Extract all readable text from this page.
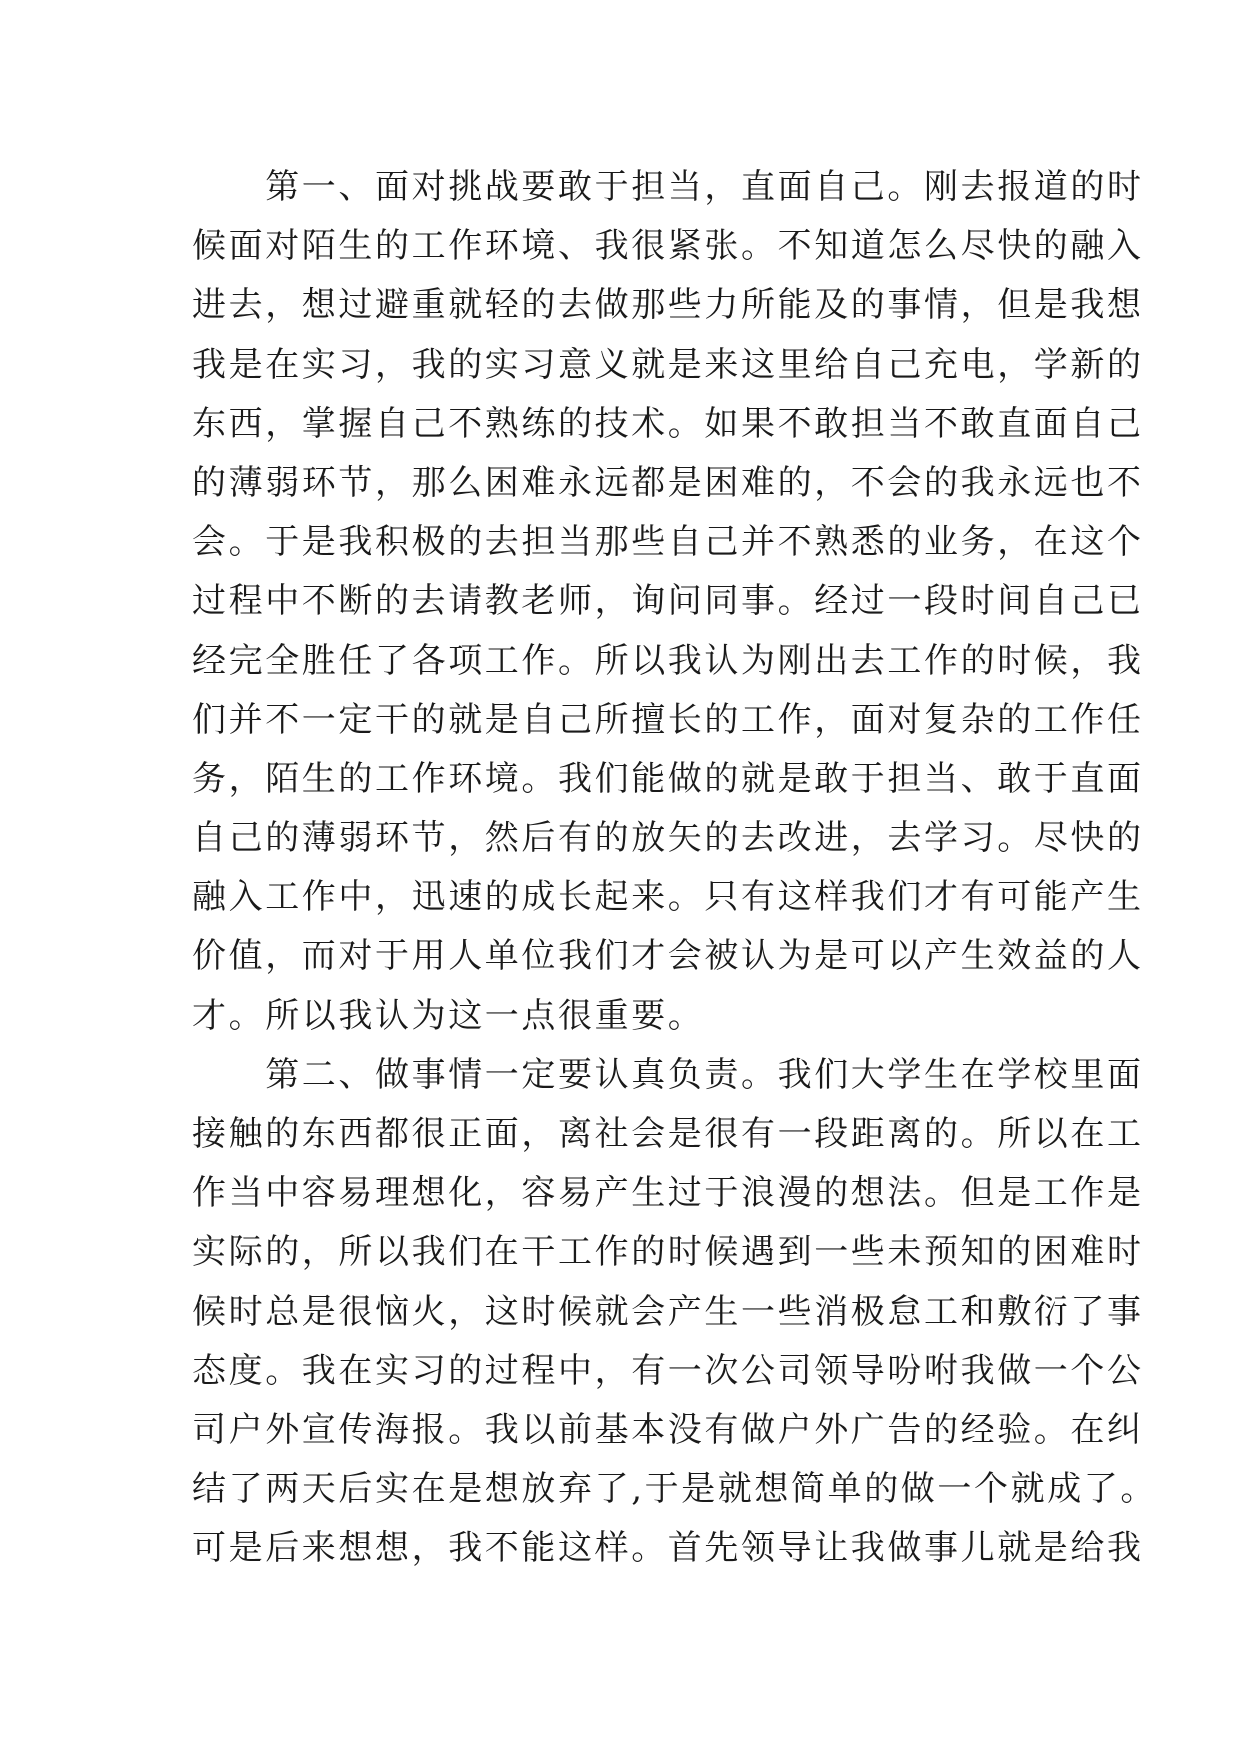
　　第一、面对挑战要敢于担当，直面自己。刚去报道的时
候面对陌生的工作环境、我很紧张。不知道怎么尽快的融入
进去，想过避重就轻的去做那些力所能及的事情，但是我想
我是在实习，我的实习意义就是来这里给自己充电，学新的
东西，掌握自己不熟练的技术。如果不敢担当不敢直面自己
的薄弱环节，那么困难永远都是困难的，不会的我永远也不
会。于是我积极的去担当那些自己并不熟悉的业务，在这个
过程中不断的去请教老师，询问同事。经过一段时间自己已
经完全胜任了各项工作。所以我认为刚出去工作的时候，我
们并不一定干的就是自己所擅长的工作，面对复杂的工作任
务，陌生的工作环境。我们能做的就是敢于担当、敢于直面
自己的薄弱环节，然后有的放矢的去改进，去学习。尽快的
融入工作中，迅速的成长起来。只有这样我们才有可能产生
价值，而对于用人单位我们才会被认为是可以产生效益的人
才。所以我认为这一点很重要。
　　第二、做事情一定要认真负责。我们大学生在学校里面
接触的东西都很正面，离社会是很有一段距离的。所以在工
作当中容易理想化，容易产生过于浪漫的想法。但是工作是
实际的，所以我们在干工作的时候遇到一些未预知的困难时
候时总是很恼火，这时候就会产生一些消极怠工和敷衍了事
态度。我在实习的过程中，有一次公司领导吩咐我做一个公
司户外宣传海报。我以前基本没有做户外广告的经验。在纠
结了两天后实在是想放弃了,于是就想简单的做一个就成了。
可是后来想想，我不能这样。首先领导让我做事儿就是给我
